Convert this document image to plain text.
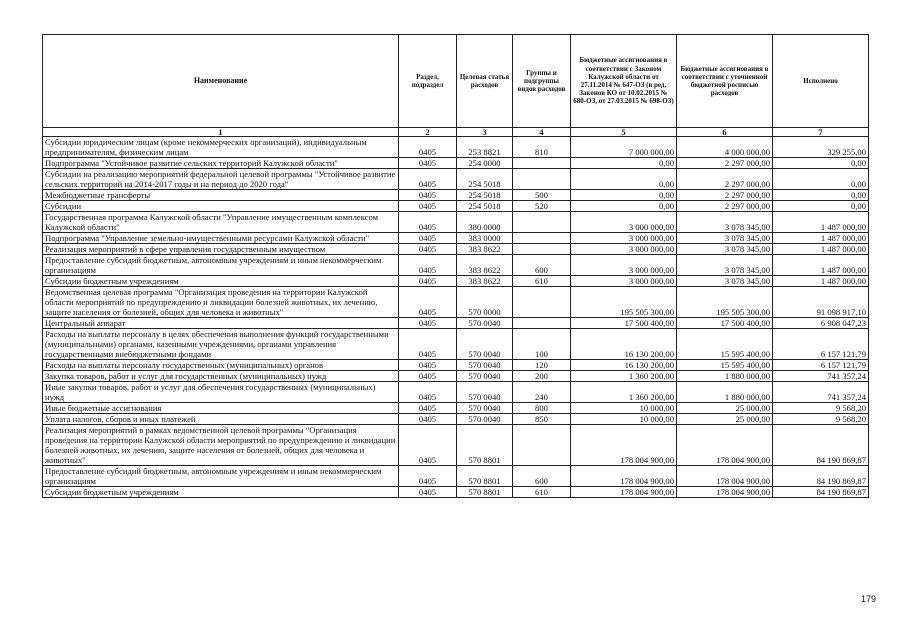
Наименование	Раздел, подраздел	Целевая статья расходов	Группы и подгруппы видов расходов	Бюджетные ассигнования в соответствии с Законом Калужской области от 27.11.2014 № 647-ОЗ (в ред. Законов КО от 10.02.2015 № 680-ОЗ, от 27.03.2015 № 698-ОЗ)	Бюджетные ассигнования в соответствии с уточненной бюджетной росписью расходов	Исполнено
1	2	3	4	5	6	7
Субсидии юридическим лицам (кроме некоммерческих организаций), индивидуальным предпринимателям, физическим лицам	0405	253 8821	810	7 000 000,00	4 000 000,00	329 255,00
Подпрограмма "Устойчивое развитие сельских территорий Калужской области"	0405	254 0000		0,00	2 297 000,00	0,00
Субсидии на реализацию мероприятий федеральной целевой программы "Устойчивое развитие сельских территорий на 2014-2017 годы и на период до 2020 года"	0405	254 5018		0,00	2 297 000,00	0,00
Межбюджетные трансферты	0405	254 5018	500	0,00	2 297 000,00	0,00
Субсидии	0405	254 5018	520	0,00	2 297 000,00	0,00
Государственная программа Калужской области "Управление имущественным комплексом Калужской области"	0405	380 0000		3 000 000,00	3 078 345,00	1 487 000,00
Подпрограмма "Управление земельно-имущественными ресурсами Калужской области"	0405	383 0000		3 000 000,00	3 078 345,00	1 487 000,00
Реализация мероприятий в сфере управления государственным имуществом	0405	383 8622		3 000 000,00	3 078 345,00	1 487 000,00
Предоставление субсидий бюджетным, автономным учреждениям и иным некоммерческим организациям	0405	383 8622	600	3 000 000,00	3 078 345,00	1 487 000,00
Субсидии бюджетным учреждениям	0405	383 8622	610	3 000 000,00	3 078 345,00	1 487 000,00
Ведомственная целевая программа "Организация проведения на территории Калужской области мероприятий по предупреждению и ликвидации болезней животных, их лечению, защите населения от болезней, общих для человека и животных"	0405	570 0000		195 505 300,00	195 505 300,00	91 098 917,10
Центральный аппарат	0405	570 0040		17 500 400,00	17 500 400,00	6 908 047,23
Расходы на выплаты персоналу в целях обеспечения выполнения функций государственными (муниципальными) органами, казенными учреждениями, органами управления государственными внебюджетными фондами	0405	570 0040	100	16 130 200,00	15 595 400,00	6 157 121,79
Расходы на выплаты персоналу государственных (муниципальных) органов	0405	570 0040	120	16 130 200,00	15 595 400,00	6 157 121,79
Закупка товаров, работ и услуг для государственных (муниципальных) нужд	0405	570 0040	200	1 360 200,00	1 880 000,00	741 357,24
Иные закупки товаров, работ и услуг для обеспечения государственных (муниципальных) нужд	0405	570 0040	240	1 360 200,00	1 880 000,00	741 357,24
Иные бюджетные ассигнования	0405	570 0040	800	10 000,00	25 000,00	9 568,20
Уплата налогов, сборов и иных платежей	0405	570 0040	850	10 000,00	25 000,00	9 568,20
Реализация мероприятий в рамках ведомственной целевой программы "Организация проведения на территории Калужской области мероприятий по предупреждению и ликвидации болезней животных, их лечению, защите населения от болезней, общих для человека и животных"	0405	570 8801		178 004 900,00	178 004 900,00	84 190 869,87
Предоставление субсидий бюджетным, автономным учреждениям и иным некоммерческим организациям	0405	570 8801	600	178 004 900,00	178 004 900,00	84 190 869,87
Субсидии бюджетным учреждениям	0405	570 8801	610	178 004 900,00	178 004 900,00	84 190 869,87
179
